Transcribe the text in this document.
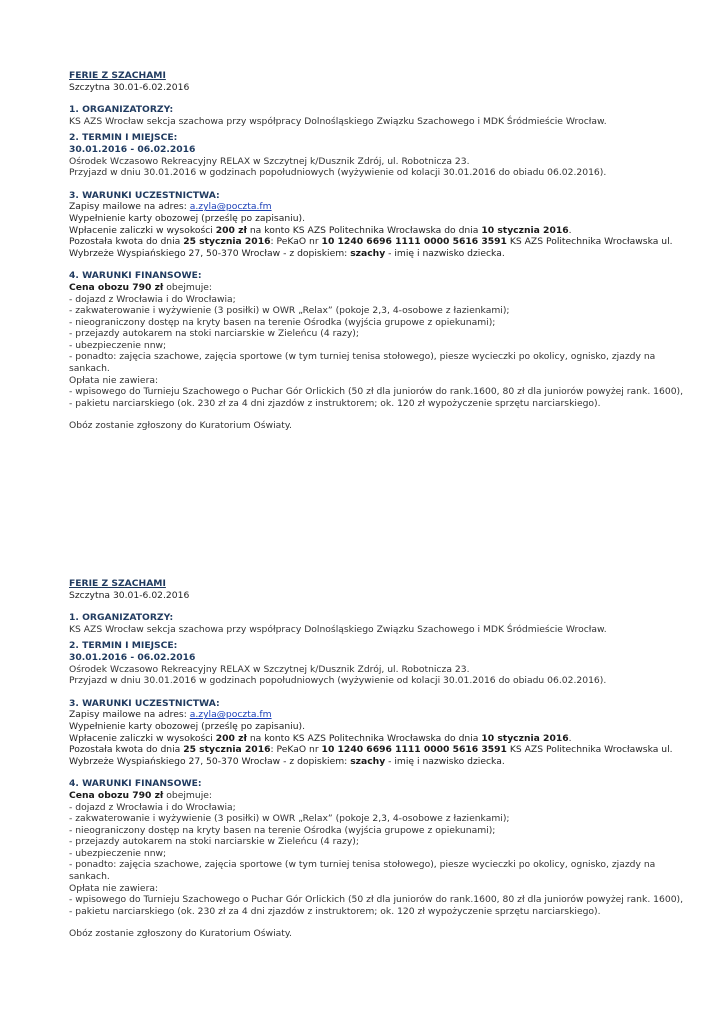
FERIE Z SZACHAMI

Szczytna 30.01-6.02.2016

1. ORGANIZATORZY:

KS AZS Wrocław sekcja szachowa przy współpracy Dolnośląskiego Związku Szachowego i MDK Śródmieście Wrocław.

2. TERMIN I MIEJSCE:

30.01.2016 - 06.02.2016

Ośrodek Wczasowo Rekreacyjny RELAX w Szczytnej k/Dusznik Zdrój, ul. Robotnicza 23.

Przyjazd w dniu 30.01.2016 w godzinach popołudniowych (wyżywienie od kolacji 30.01.2016 do obiadu 06.02.2016).

3. WARUNKI UCZESTNICTWA:

Zapisy mailowe na adres: a.zyla@poczta.fm

Wypełnienie karty obozowej (prześlę po zapisaniu).

Wpłacenie zaliczki w wysokości 200 zł na konto KS AZS Politechnika Wrocławska do dnia 10 stycznia 2016.

Pozostała kwota do dnia 25 stycznia 2016: PeKaO nr 10 1240 6696 1111 0000 5616 3591 KS AZS Politechnika Wrocławska ul.

Wybrzeże Wyspiańskiego 27, 50-370 Wrocław - z dopiskiem: szachy - imię i nazwisko dziecka.

4. WARUNKI FINANSOWE:

Cena obozu 790 zł obejmuje:

- dojazd z Wrocławia i do Wrocławia;

- zakwaterowanie i wyżywienie (3 posiłki) w OWR „Relax” (pokoje 2,3, 4-osobowe z łazienkami);

- nieograniczony dostęp na kryty basen na terenie Ośrodka (wyjścia grupowe z opiekunami);

- przejazdy autokarem na stoki narciarskie w Zieleńcu (4 razy);

- ubezpieczenie nnw;

- ponadto: zajęcia szachowe, zajęcia sportowe (w tym turniej tenisa stołowego), piesze wycieczki po okolicy, ognisko, zjazdy na

sankach.

Opłata nie zawiera:

- wpisowego do Turnieju Szachowego o Puchar Gór Orlickich (50 zł dla juniorów do rank.1600, 80 zł dla juniorów powyżej rank. 1600),

- pakietu narciarskiego (ok. 230 zł za 4 dni zjazdów z instruktorem; ok. 120 zł wypożyczenie sprzętu narciarskiego).

Obóz zostanie zgłoszony do Kuratorium Oświaty.

FERIE Z SZACHAMI

Szczytna 30.01-6.02.2016

1. ORGANIZATORZY:

KS AZS Wrocław sekcja szachowa przy współpracy Dolnośląskiego Związku Szachowego i MDK Śródmieście Wrocław.

2. TERMIN I MIEJSCE:

30.01.2016 - 06.02.2016

Ośrodek Wczasowo Rekreacyjny RELAX w Szczytnej k/Dusznik Zdrój, ul. Robotnicza 23.

Przyjazd w dniu 30.01.2016 w godzinach popołudniowych (wyżywienie od kolacji 30.01.2016 do obiadu 06.02.2016).

3. WARUNKI UCZESTNICTWA:

Zapisy mailowe na adres: a.zyla@poczta.fm

Wypełnienie karty obozowej (prześlę po zapisaniu).

Wpłacenie zaliczki w wysokości 200 zł na konto KS AZS Politechnika Wrocławska do dnia 10 stycznia 2016.

Pozostała kwota do dnia 25 stycznia 2016: PeKaO nr 10 1240 6696 1111 0000 5616 3591 KS AZS Politechnika Wrocławska ul.

Wybrzeże Wyspiańskiego 27, 50-370 Wrocław - z dopiskiem: szachy - imię i nazwisko dziecka.

4. WARUNKI FINANSOWE:

Cena obozu 790 zł obejmuje:

- dojazd z Wrocławia i do Wrocławia;

- zakwaterowanie i wyżywienie (3 posiłki) w OWR „Relax” (pokoje 2,3, 4-osobowe z łazienkami);

- nieograniczony dostęp na kryty basen na terenie Ośrodka (wyjścia grupowe z opiekunami);

- przejazdy autokarem na stoki narciarskie w Zieleńcu (4 razy);

- ubezpieczenie nnw;

- ponadto: zajęcia szachowe, zajęcia sportowe (w tym turniej tenisa stołowego), piesze wycieczki po okolicy, ognisko, zjazdy na

sankach.

Opłata nie zawiera:

- wpisowego do Turnieju Szachowego o Puchar Gór Orlickich (50 zł dla juniorów do rank.1600, 80 zł dla juniorów powyżej rank. 1600),

- pakietu narciarskiego (ok. 230 zł za 4 dni zjazdów z instruktorem; ok. 120 zł wypożyczenie sprzętu narciarskiego).

Obóz zostanie zgłoszony do Kuratorium Oświaty.
